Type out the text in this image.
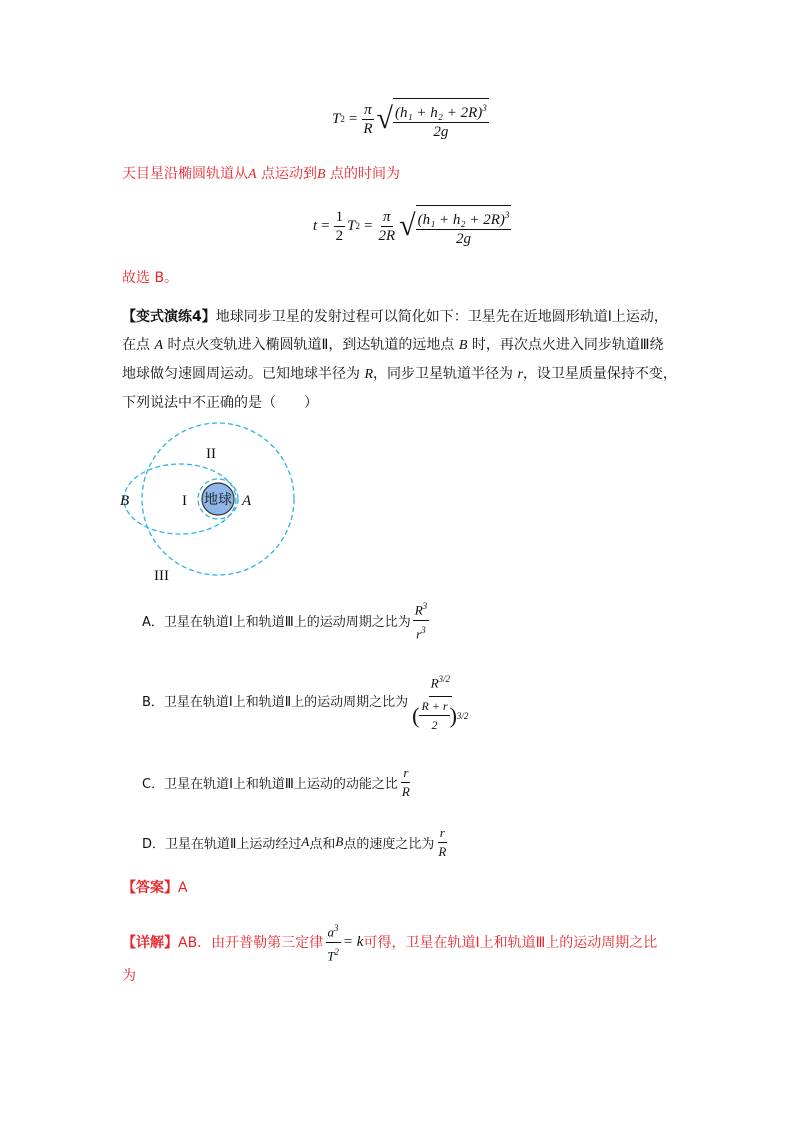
T $2 = \frac{\pi}{R}$ √ $\frac{(h_1 + h_2 + 2R)^3}{2g}$
天目星沿椭圆轨道从A 点运动到B 点的时间为
$t = \frac{1}{2}$ T $2 = \frac{\pi}{2R}$ √ $\frac{(h_1 + h_2 + 2R)^3}{2g}$
故选 B。
【变式演练4】地球同步卫星的发射过程可以简化如下：卫星先在近地圆形轨道Ⅰ上运动，
在点 A 时点火变轨进入椭圆轨道Ⅱ，到达轨道的远地点 B 时，再次点火进入同步轨道Ⅲ绕
地球做匀速圆周运动。已知地球半径为 R，同步卫星轨道半径为 r，设卫星质量保持不变，
下列说法中不正确的是（　　）
地球
II
I
B	A
III
A．卫星在轨道Ⅰ上和轨道Ⅲ上的运动周期之比为 $\frac{R^3}{r^3}$
B．卫星在轨道Ⅰ上和轨道Ⅱ上的运动周期之比为 $\frac{R^{3/2}}{( \frac{R + r}{2} ) 3/2}$
C．卫星在轨道Ⅰ上和轨道Ⅲ上运动的动能之比 $\frac{r}{R}$
D．卫星在轨道Ⅱ上运动经过 A 点和 B 点的速度之比为 $\frac{r}{R}$
【答案】A
【详解】 AB．由开普勒第三定律 $\frac{a^3}{T^2} = k$ 可得，卫星在轨道Ⅰ上和轨道Ⅲ上的运动周期之比
为
